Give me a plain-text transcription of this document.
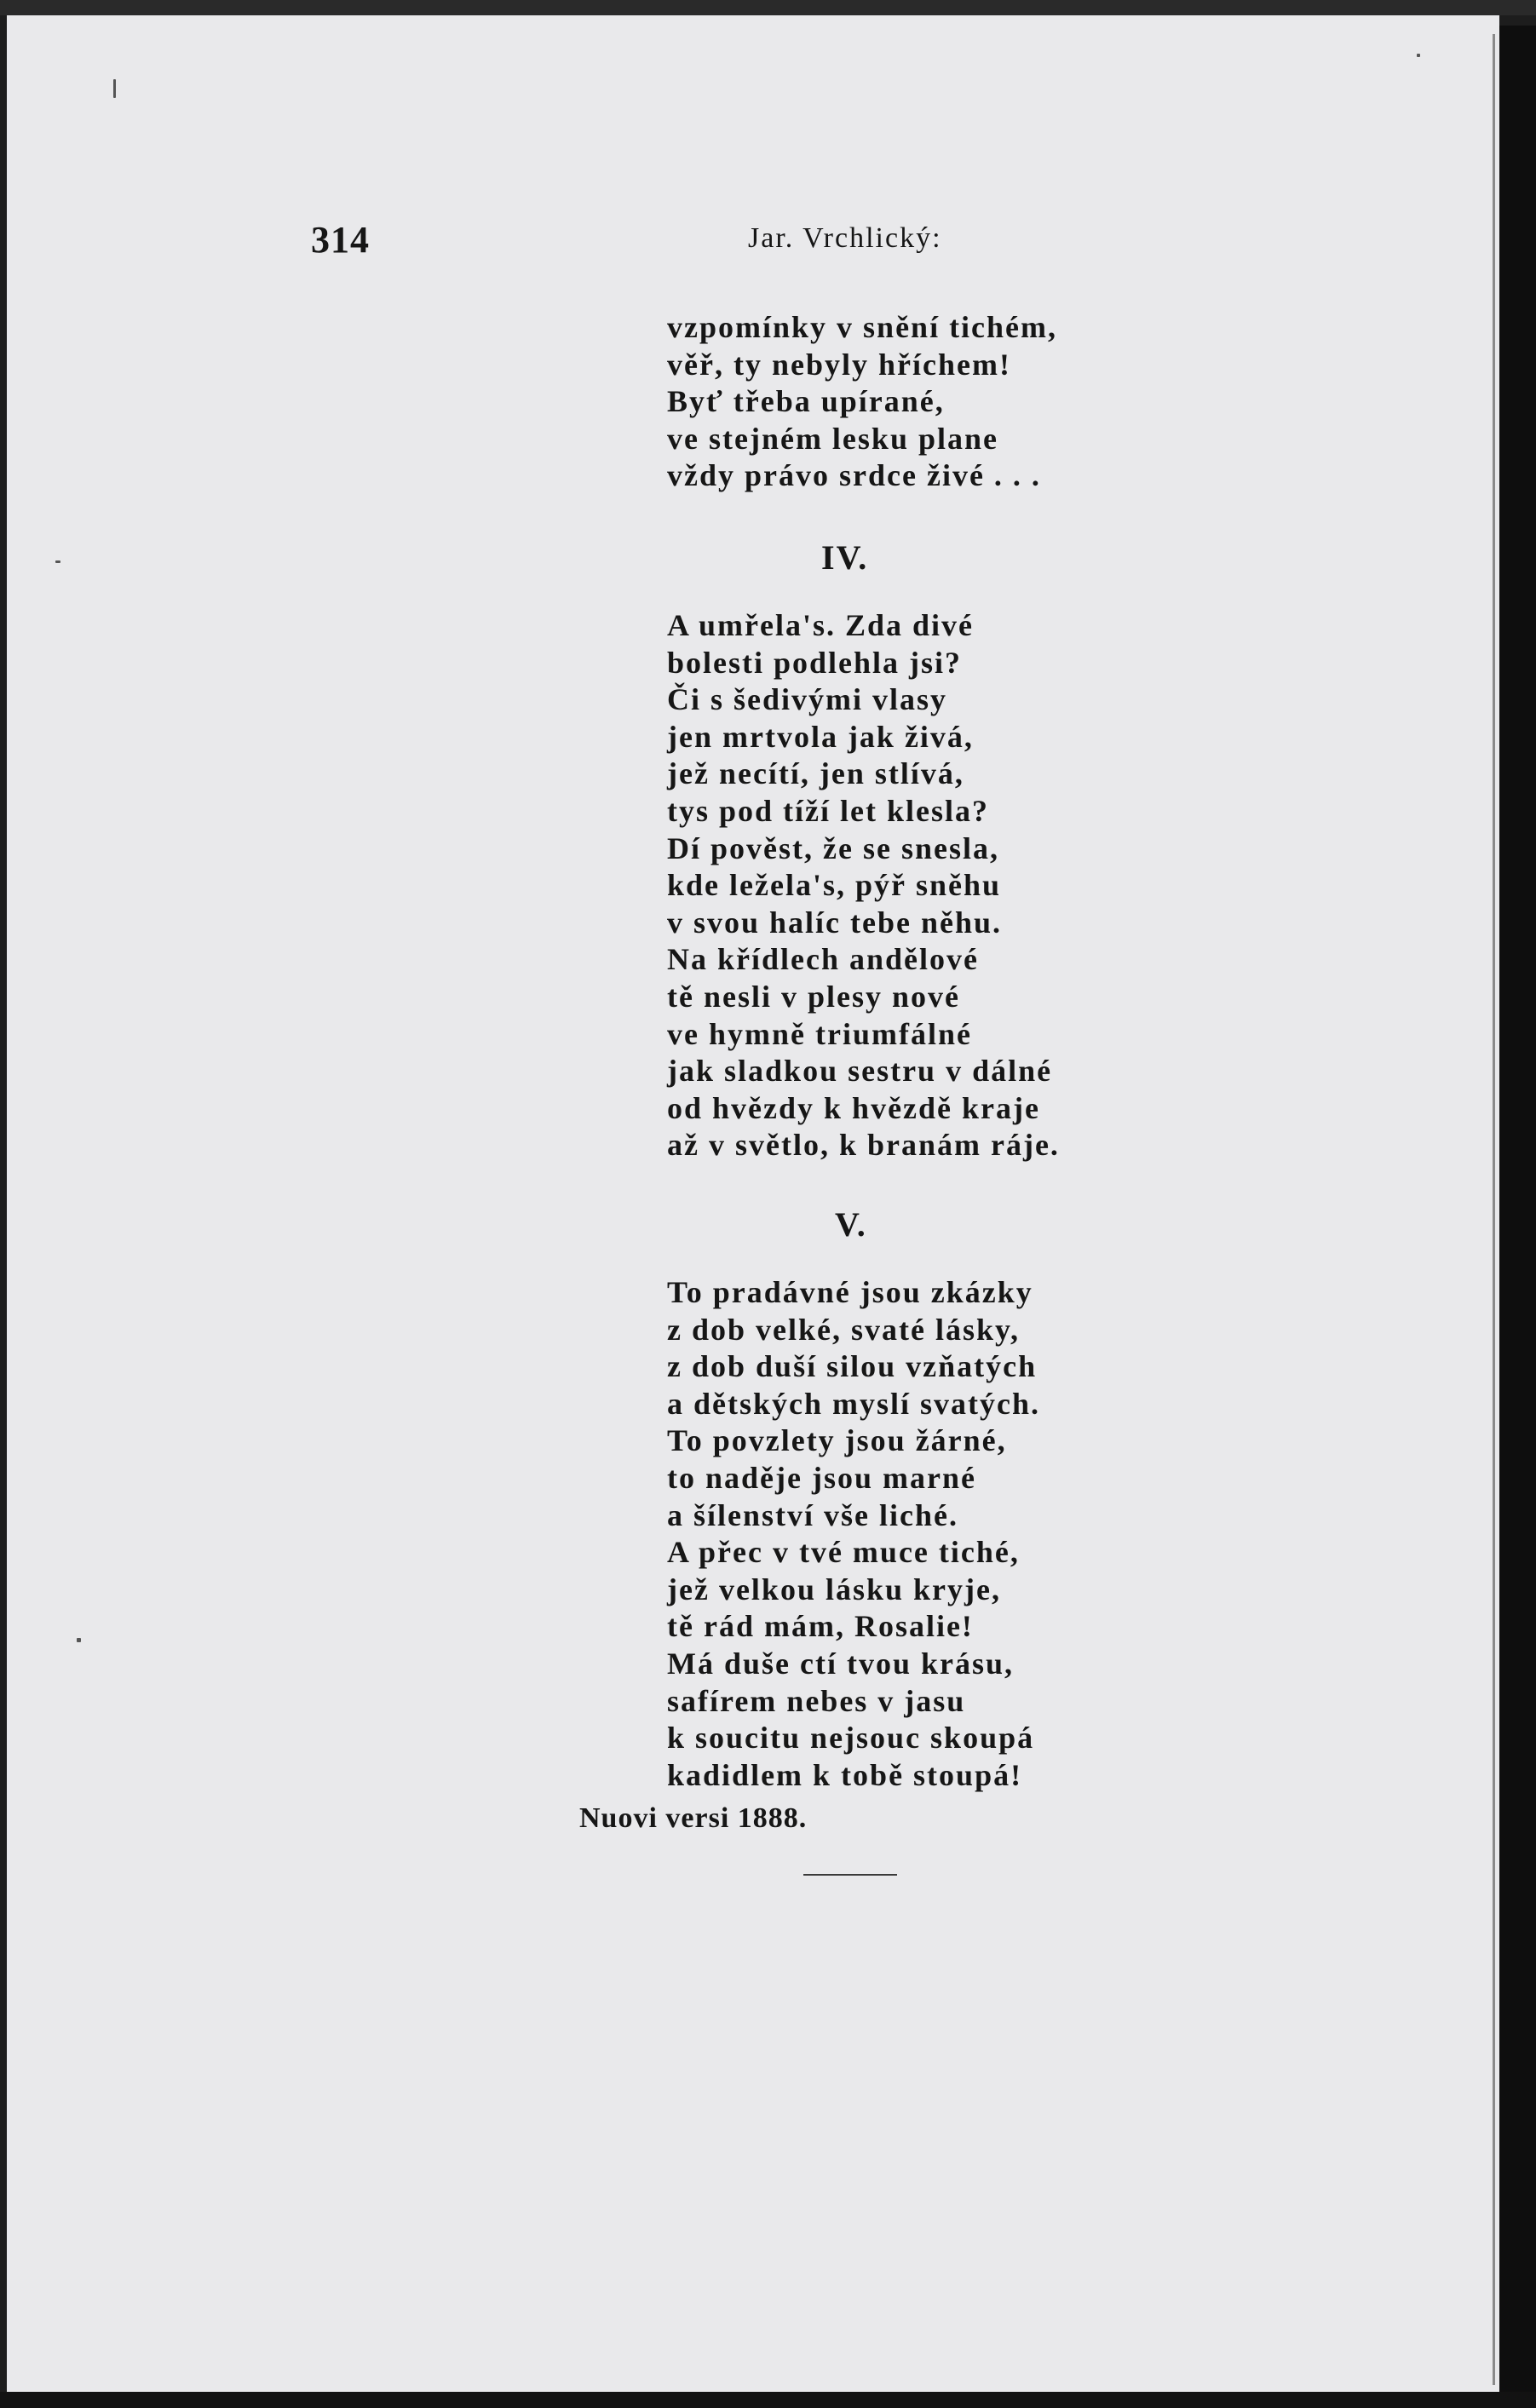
314	Jar. Vrchlický:
vzpomínky v snění tichém,
věř, ty nebyly hříchem!
Byť třeba upírané,
ve stejném lesku plane
vždy právo srdce živé . . .
IV.
A umřela's. Zda divé
bolesti podlehla jsi?
Či s šedivými vlasy
jen mrtvola jak živá,
jež necítí, jen stlívá,
tys pod tíží let klesla?
Dí pověst, že se snesla,
kde ležela's, pýř sněhu
v svou halíc tebe něhu.
Na křídlech andělové
tě nesli v plesy nové
ve hymně triumfálné
jak sladkou sestru v dálné
od hvězdy k hvězdě kraje
až v světlo, k branám ráje.
V.
To pradávné jsou zkázky
z dob velké, svaté lásky,
z dob duší silou vzňatých
a dětských myslí svatých.
To povzlety jsou žárné,
to naděje jsou marné
a šílenství vše liché.
A přec v tvé muce tiché,
jež velkou lásku kryje,
tě rád mám, Rosalie!
Má duše ctí tvou krásu,
safírem nebes v jasu
k soucitu nejsouc skoupá
kadidlem k tobě stoupá!
Nuovi versi 1888.
